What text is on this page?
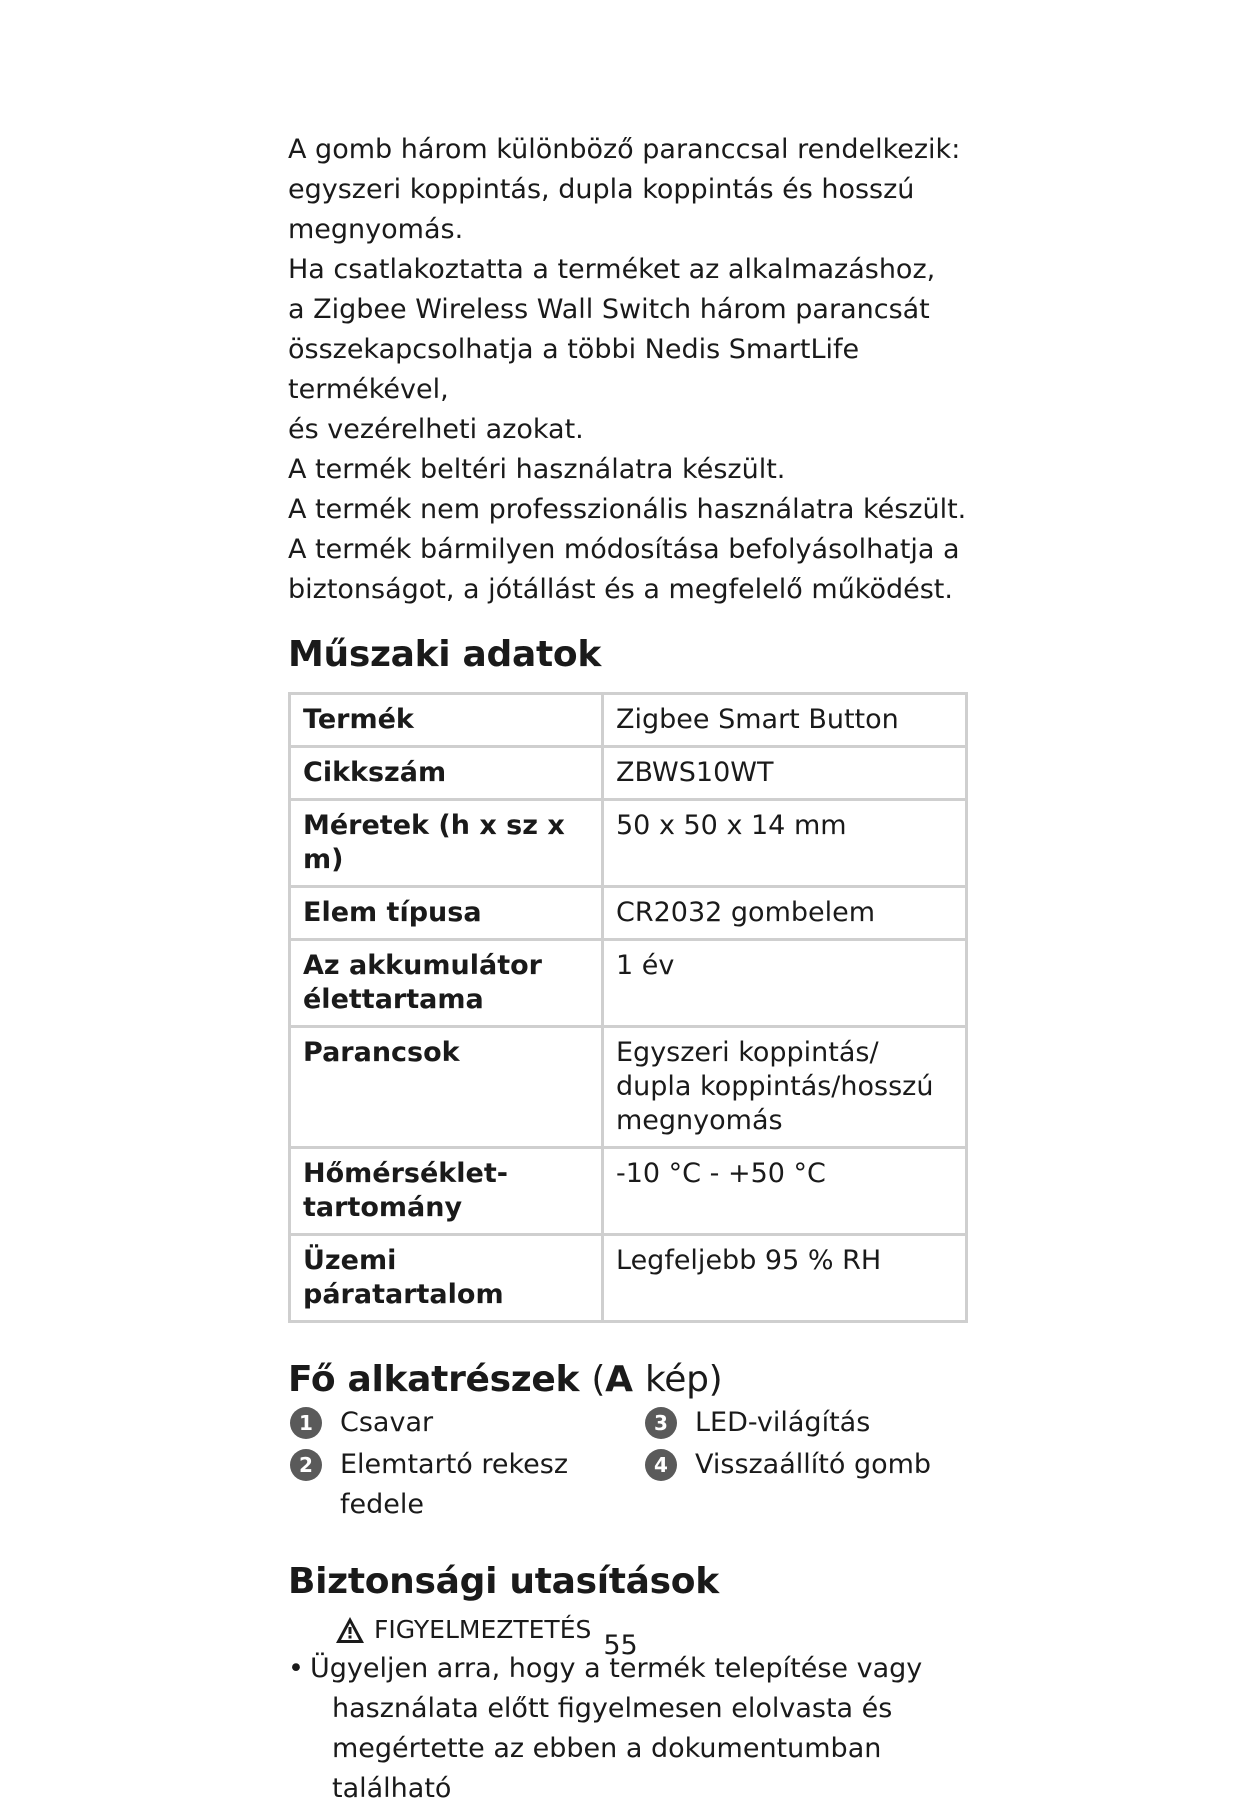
A gomb három különböző paranccsal rendelkezik:

egyszeri koppintás, dupla koppintás és hosszú

megnyomás.

Ha csatlakoztatta a terméket az alkalmazáshoz,

a Zigbee Wireless Wall Switch három parancsát

összekapcsolhatja a többi Nedis SmartLife termékével,

és vezérelheti azokat.

A termék beltéri használatra készült.

A termék nem professzionális használatra készült.

A termék bármilyen módosítása befolyásolhatja a

biztonságot, a jótállást és a megfelelő működést.

Műszaki adatok
Termék	Zigbee Smart Button
Cikkszám	ZBWS10WT
Méretek (h x sz x m)	50 x 50 x 14 mm
Elem típusa	CR2032 gombelem
Az akkumulátor élettartama	1 év
Parancsok	Egyszeri koppintás/ dupla koppintás/hosszú megnyomás
Hőmérséklet-tartomány	-10 °C - +50 °C
Üzemi páratartalom	Legfeljebb 95 % RH
Fő alkatrészek (A kép)
1	Csavar	3	LED-világítás
2	Elemtartó rekesz fedele
4	Visszaállító gomb
Biztonsági utasítások
FIGYELMEZTETÉS
• Ügyeljen arra, hogy a termék telepítése vagy
használata előtt figyelmesen elolvasta és
megértette az ebben a dokumentumban található
55
